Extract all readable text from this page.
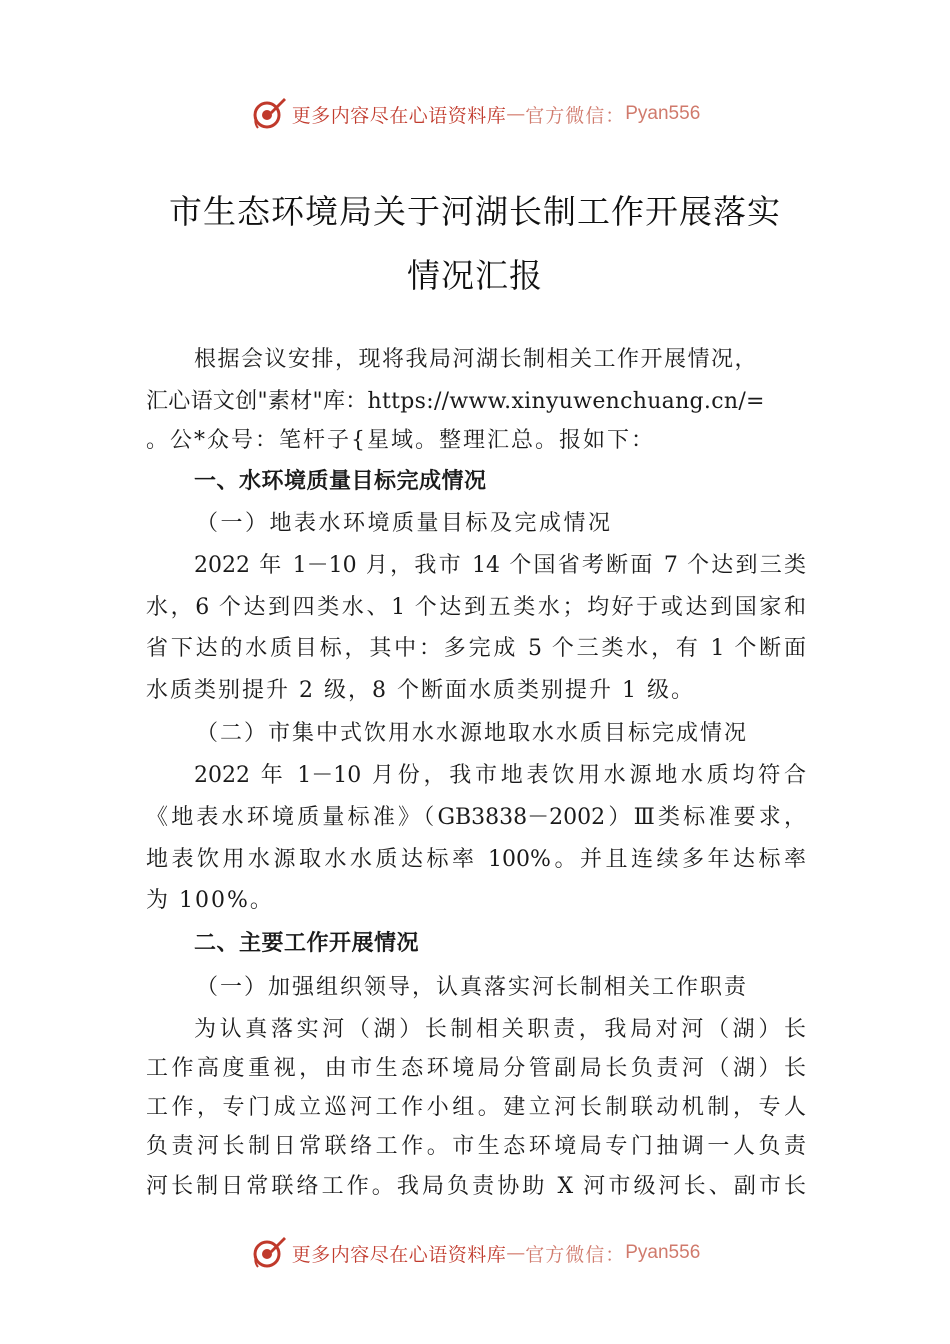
更多内容尽在心语资料库 — 官方微信： Pyan556
市生态环境局关于河湖长制工作开展落实
情况汇报
根据会议安排，现将我局河湖长制相关工作开展情况，
汇心语文创"素材"库：https://www.xinyuwenchuang.cn/=
。公*众号：笔杆子{星域。整理汇总。报如下：
一、水环境质量目标完成情况
（一）地表水环境质量目标及完成情况
2022 年 1－10 月，我市 14 个国省考断面 7 个达到三类
水，6 个达到四类水、1 个达到五类水；均好于或达到国家和
省下达的水质目标，其中：多完成 5 个三类水，有 1 个断面
水质类别提升 2 级，8 个断面水质类别提升 1 级。
（二）市集中式饮用水水源地取水水质目标完成情况
2022 年 1－10 月份，我市地表饮用水源地水质均符合
《地表水环境质量标准》（GB3838－2002）Ⅲ类标准要求，
地表饮用水源取水水质达标率 100%。并且连续多年达标率
为 100%。
二、主要工作开展情况
（一）加强组织领导，认真落实河长制相关工作职责
为认真落实河（湖）长制相关职责，我局对河（湖）长
工作高度重视，由市生态环境局分管副局长负责河（湖）长
工作，专门成立巡河工作小组。建立河长制联动机制，专人
负责河长制日常联络工作。市生态环境局专门抽调一人负责
河长制日常联络工作。我局负责协助 X 河市级河长、副市长
更多内容尽在心语资料库 — 官方微信： Pyan556
